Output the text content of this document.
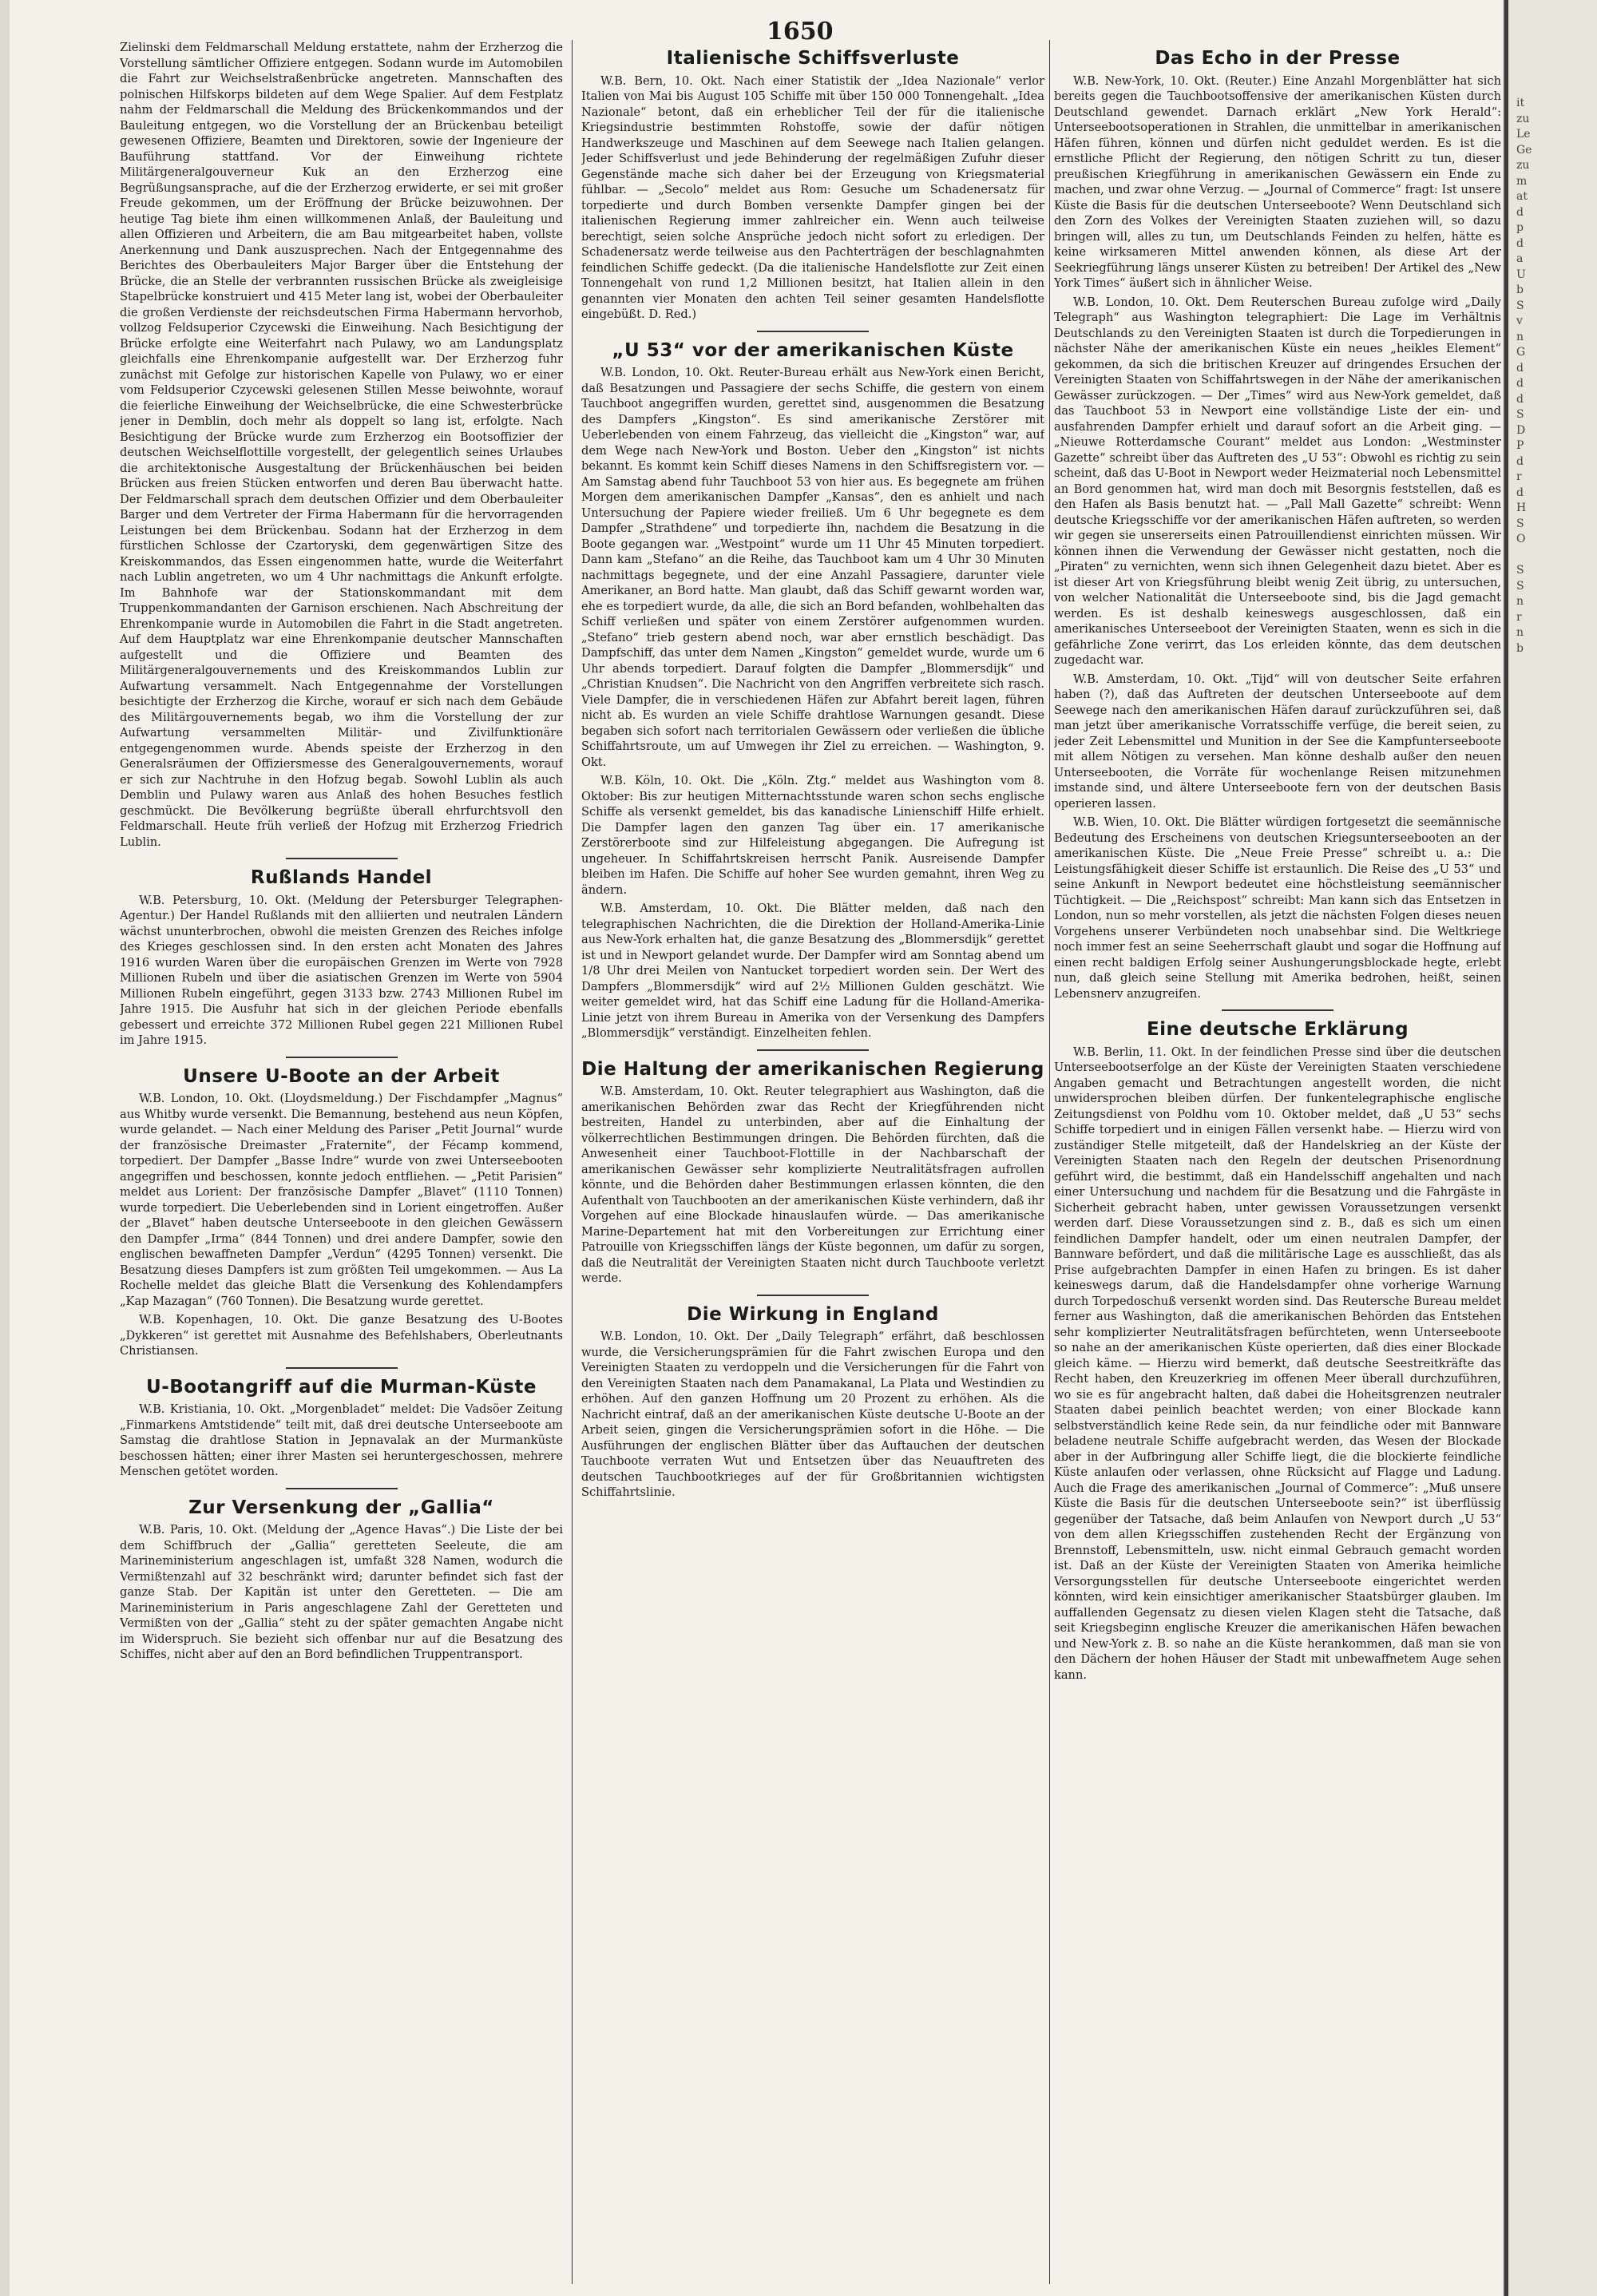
1650

Zielinski dem Feldmarschall Meldung erstattete, nahm der Erzherzog die Vorstellung sämtlicher Offiziere entgegen. Sodann wurde im Automobilen die Fahrt zur Weichselstraßenbrücke angetreten. Mannschaften des polnischen Hilfskorps bildeten auf dem Wege Spalier. Auf dem Festplatz nahm der Feldmarschall die Meldung des Brückenkommandos und der Bauleitung entgegen, wo die Vorstellung der an Brückenbau beteiligt gewesenen Offiziere, Beamten und Direktoren, sowie der Ingenieure der Bauführung stattfand. Vor der Einweihung richtete Militärgeneralgouverneur Kuk an den Erzherzog eine Begrüßungsansprache, auf die der Erzherzog erwiderte, er sei mit großer Freude gekommen, um der Eröffnung der Brücke beizuwohnen. Der heutige Tag biete ihm einen willkommenen Anlaß, der Bauleitung und allen Offizieren und Arbeitern, die am Bau mitgearbeitet haben, vollste Anerkennung und Dank auszusprechen. Nach der Entgegennahme des Berichtes des Oberbauleiters Major Barger über die Entstehung der Brücke, die an Stelle der verbrannten russischen Brücke als zweigleisige Stapelbrücke konstruiert und 415 Meter lang ist, wobei der Oberbauleiter die großen Verdienste der reichsdeutschen Firma Habermann hervorhob, vollzog Feldsuperior Czycewski die Einweihung. Nach Besichtigung der Brücke erfolgte eine Weiterfahrt nach Pulawy, wo am Landungsplatz gleichfalls eine Ehrenkompanie aufgestellt war. Der Erzherzog fuhr zunächst mit Gefolge zur historischen Kapelle von Pulawy, wo er einer vom Feldsuperior Czycewski gelesenen Stillen Messe beiwohnte, worauf die feierliche Einweihung der Weichselbrücke, die eine Schwesterbrücke jener in Demblin, doch mehr als doppelt so lang ist, erfolgte. Nach Besichtigung der Brücke wurde zum Erzherzog ein Bootsoffizier der deutschen Weichselflottille vorgestellt, der gelegentlich seines Urlaubes die architektonische Ausgestaltung der Brückenhäuschen bei beiden Brücken aus freien Stücken entworfen und deren Bau überwacht hatte. Der Feldmarschall sprach dem deutschen Offizier und dem Oberbauleiter Barger und dem Vertreter der Firma Habermann für die hervorragenden Leistungen bei dem Brückenbau. Sodann hat der Erzherzog in dem fürstlichen Schlosse der Czartoryski, dem gegenwärtigen Sitze des Kreiskommandos, das Essen eingenommen hatte, wurde die Weiterfahrt nach Lublin angetreten, wo um 4 Uhr nachmittags die Ankunft erfolgte. Im Bahnhofe war der Stationskommandant mit dem Truppenkommandanten der Garnison erschienen. Nach Abschreitung der Ehrenkompanie wurde in Automobilen die Fahrt in die Stadt angetreten. Auf dem Hauptplatz war eine Ehrenkompanie deutscher Mannschaften aufgestellt und die Offiziere und Beamten des Militärgeneralgouvernements und des Kreiskommandos Lublin zur Aufwartung versammelt. Nach Entgegennahme der Vorstellungen besichtigte der Erzherzog die Kirche, worauf er sich nach dem Gebäude des Militärgouvernements begab, wo ihm die Vorstellung der zur Aufwartung versammelten Militär- und Zivilfunktionäre entgegengenommen wurde. Abends speiste der Erzherzog in den Generalsräumen der Offiziersmesse des Generalgouvernements, worauf er sich zur Nachtruhe in den Hofzug begab. Sowohl Lublin als auch Demblin und Pulawy waren aus Anlaß des hohen Besuches festlich geschmückt. Die Bevölkerung begrüßte überall ehrfurchtsvoll den Feldmarschall. Heute früh verließ der Hofzug mit Erzherzog Friedrich Lublin.

Rußlands Handel

W.B. Petersburg, 10. Okt. (Meldung der Petersburger Telegraphen-Agentur.) Der Handel Rußlands mit den alliierten und neutralen Ländern wächst ununterbrochen, obwohl die meisten Grenzen des Reiches infolge des Krieges geschlossen sind. In den ersten acht Monaten des Jahres 1916 wurden Waren über die europäischen Grenzen im Werte von 7928 Millionen Rubeln und über die asiatischen Grenzen im Werte von 5904 Millionen Rubeln eingeführt, gegen 3133 bzw. 2743 Millionen Rubel im Jahre 1915. Die Ausfuhr hat sich in der gleichen Periode ebenfalls gebessert und erreichte 372 Millionen Rubel gegen 221 Millionen Rubel im Jahre 1915.

Unsere U-Boote an der Arbeit

W.B. London, 10. Okt. (Lloydsmeldung.) Der Fischdampfer „Magnus“ aus Whitby wurde versenkt. Die Bemannung, bestehend aus neun Köpfen, wurde gelandet. — Nach einer Meldung des Pariser „Petit Journal“ wurde der französische Dreimaster „Fraternite“, der Fécamp kommend, torpediert. Der Dampfer „Basse Indre“ wurde von zwei Unterseebooten angegriffen und beschossen, konnte jedoch entfliehen. — „Petit Parisien“ meldet aus Lorient: Der französische Dampfer „Blavet“ (1110 Tonnen) wurde torpediert. Die Ueberlebenden sind in Lorient eingetroffen. Außer der „Blavet“ haben deutsche Unterseeboote in den gleichen Gewässern den Dampfer „Irma“ (844 Tonnen) und drei andere Dampfer, sowie den englischen bewaffneten Dampfer „Verdun“ (4295 Tonnen) versenkt. Die Besatzung dieses Dampfers ist zum größten Teil umgekommen. — Aus La Rochelle meldet das gleiche Blatt die Versenkung des Kohlendampfers „Kap Mazagan“ (760 Tonnen). Die Besatzung wurde gerettet.

W.B. Kopenhagen, 10. Okt. Die ganze Besatzung des U-Bootes „Dykkeren“ ist gerettet mit Ausnahme des Befehlshabers, Oberleutnants Christiansen.

U-Bootangriff auf die Murman-Küste

W.B. Kristiania, 10. Okt. „Morgenbladet“ meldet: Die Vadsöer Zeitung „Finmarkens Amtstidende“ teilt mit, daß drei deutsche Unterseeboote am Samstag die drahtlose Station in Jepnavalak an der Murmanküste beschossen hätten; einer ihrer Masten sei heruntergeschossen, mehrere Menschen getötet worden.

Zur Versenkung der „Gallia“

W.B. Paris, 10. Okt. (Meldung der „Agence Havas“.) Die Liste der bei dem Schiffbruch der „Gallia“ geretteten Seeleute, die am Marineministerium angeschlagen ist, umfaßt 328 Namen, wodurch die Vermißtenzahl auf 32 beschränkt wird; darunter befindet sich fast der ganze Stab. Der Kapitän ist unter den Geretteten. — Die am Marineministerium in Paris angeschlagene Zahl der Geretteten und Vermißten von der „Gallia“ steht zu der später gemachten Angabe nicht im Widerspruch. Sie bezieht sich offenbar nur auf die Besatzung des Schiffes, nicht aber auf den an Bord befindlichen Truppentransport.

Italienische Schiffsverluste

W.B. Bern, 10. Okt. Nach einer Statistik der „Idea Nazionale“ verlor Italien von Mai bis August 105 Schiffe mit über 150 000 Tonnengehalt. „Idea Nazionale“ betont, daß ein erheblicher Teil der für die italienische Kriegsindustrie bestimmten Rohstoffe, sowie der dafür nötigen Handwerkszeuge und Maschinen auf dem Seewege nach Italien gelangen. Jeder Schiffsverlust und jede Behinderung der regelmäßigen Zufuhr dieser Gegenstände mache sich daher bei der Erzeugung von Kriegsmaterial fühlbar. — „Secolo“ meldet aus Rom: Gesuche um Schadenersatz für torpedierte und durch Bomben versenkte Dampfer gingen bei der italienischen Regierung immer zahlreicher ein. Wenn auch teilweise berechtigt, seien solche Ansprüche jedoch nicht sofort zu erledigen. Der Schadenersatz werde teilweise aus den Pachterträgen der beschlagnahmten feindlichen Schiffe gedeckt. (Da die italienische Handelsflotte zur Zeit einen Tonnengehalt von rund 1,2 Millionen besitzt, hat Italien allein in den genannten vier Monaten den achten Teil seiner gesamten Handelsflotte eingebüßt. D. Red.)

„U 53“ vor der amerikanischen Küste

W.B. London, 10. Okt. Reuter-Bureau erhält aus New-York einen Bericht, daß Besatzungen und Passagiere der sechs Schiffe, die gestern von einem Tauchboot angegriffen wurden, gerettet sind, ausgenommen die Besatzung des Dampfers „Kingston“. Es sind amerikanische Zerstörer mit Ueberlebenden von einem Fahrzeug, das vielleicht die „Kingston“ war, auf dem Wege nach New-York und Boston. Ueber den „Kingston“ ist nichts bekannt. Es kommt kein Schiff dieses Namens in den Schiffsregistern vor. — Am Samstag abend fuhr Tauchboot 53 von hier aus. Es begegnete am frühen Morgen dem amerikanischen Dampfer „Kansas“, den es anhielt und nach Untersuchung der Papiere wieder freiließ. Um 6 Uhr begegnete es dem Dampfer „Strathdene“ und torpedierte ihn, nachdem die Besatzung in die Boote gegangen war. „Westpoint“ wurde um 11 Uhr 45 Minuten torpediert. Dann kam „Stefano“ an die Reihe, das Tauchboot kam um 4 Uhr 30 Minuten nachmittags begegnete, und der eine Anzahl Passagiere, darunter viele Amerikaner, an Bord hatte. Man glaubt, daß das Schiff gewarnt worden war, ehe es torpediert wurde, da alle, die sich an Bord befanden, wohlbehalten das Schiff verließen und später von einem Zerstörer aufgenommen wurden. „Stefano“ trieb gestern abend noch, war aber ernstlich beschädigt. Das Dampfschiff, das unter dem Namen „Kingston“ gemeldet wurde, wurde um 6 Uhr abends torpediert. Darauf folgten die Dampfer „Blommersdijk“ und „Christian Knudsen“. Die Nachricht von den Angriffen verbreitete sich rasch. Viele Dampfer, die in verschiedenen Häfen zur Abfahrt bereit lagen, führen nicht ab. Es wurden an viele Schiffe drahtlose Warnungen gesandt. Diese begaben sich sofort nach territorialen Gewässern oder verließen die übliche Schiffahrtsroute, um auf Umwegen ihr Ziel zu erreichen. — Washington, 9. Okt.

W.B. Köln, 10. Okt. Die „Köln. Ztg.“ meldet aus Washington vom 8. Oktober: Bis zur heutigen Mitternachtsstunde waren schon sechs englische Schiffe als versenkt gemeldet, bis das kanadische Linienschiff Hilfe erhielt. Die Dampfer lagen den ganzen Tag über ein. 17 amerikanische Zerstörerboote sind zur Hilfeleistung abgegangen. Die Aufregung ist ungeheuer. In Schiffahrtskreisen herrscht Panik. Ausreisende Dampfer bleiben im Hafen. Die Schiffe auf hoher See wurden gemahnt, ihren Weg zu ändern.

W.B. Amsterdam, 10. Okt. Die Blätter melden, daß nach den telegraphischen Nachrichten, die die Direktion der Holland-Amerika-Linie aus New-York erhalten hat, die ganze Besatzung des „Blommersdijk“ gerettet ist und in Newport gelandet wurde. Der Dampfer wird am Sonntag abend um 1/8 Uhr drei Meilen von Nantucket torpediert worden sein. Der Wert des Dampfers „Blommersdijk“ wird auf 2½ Millionen Gulden geschätzt. Wie weiter gemeldet wird, hat das Schiff eine Ladung für die Holland-Amerika-Linie jetzt von ihrem Bureau in Amerika von der Versenkung des Dampfers „Blommersdijk“ verständigt. Einzelheiten fehlen.

Die Haltung der amerikanischen Regierung

W.B. Amsterdam, 10. Okt. Reuter telegraphiert aus Washington, daß die amerikanischen Behörden zwar das Recht der Kriegführenden nicht bestreiten, Handel zu unterbinden, aber auf die Einhaltung der völkerrechtlichen Bestimmungen dringen. Die Behörden fürchten, daß die Anwesenheit einer Tauchboot-Flottille in der Nachbarschaft der amerikanischen Gewässer sehr komplizierte Neutralitätsfragen aufrollen könnte, und die Behörden daher Bestimmungen erlassen könnten, die den Aufenthalt von Tauchbooten an der amerikanischen Küste verhindern, daß ihr Vorgehen auf eine Blockade hinauslaufen würde. — Das amerikanische Marine-Departement hat mit den Vorbereitungen zur Errichtung einer Patrouille von Kriegsschiffen längs der Küste begonnen, um dafür zu sorgen, daß die Neutralität der Vereinigten Staaten nicht durch Tauchboote verletzt werde.

Die Wirkung in England

W.B. London, 10. Okt. Der „Daily Telegraph“ erfährt, daß beschlossen wurde, die Versicherungsprämien für die Fahrt zwischen Europa und den Vereinigten Staaten zu verdoppeln und die Versicherungen für die Fahrt von den Vereinigten Staaten nach dem Panamakanal, La Plata und Westindien zu erhöhen. Auf den ganzen Hoffnung um 20 Prozent zu erhöhen. Als die Nachricht eintraf, daß an der amerikanischen Küste deutsche U-Boote an der Arbeit seien, gingen die Versicherungsprämien sofort in die Höhe. — Die Ausführungen der englischen Blätter über das Auftauchen der deutschen Tauchboote verraten Wut und Entsetzen über das Neuauftreten des deutschen Tauchbootkrieges auf der für Großbritannien wichtigsten Schiffahrtslinie.

Das Echo in der Presse

W.B. New-York, 10. Okt. (Reuter.) Eine Anzahl Morgenblätter hat sich bereits gegen die Tauchbootsoffensive der amerikanischen Küsten durch Deutschland gewendet. Darnach erklärt „New York Herald“: Unterseebootsoperationen in Strahlen, die unmittelbar in amerikanischen Häfen führen, können und dürfen nicht geduldet werden. Es ist die ernstliche Pflicht der Regierung, den nötigen Schritt zu tun, dieser preußischen Kriegführung in amerikanischen Gewässern ein Ende zu machen, und zwar ohne Verzug. — „Journal of Commerce“ fragt: Ist unsere Küste die Basis für die deutschen Unterseeboote? Wenn Deutschland sich den Zorn des Volkes der Vereinigten Staaten zuziehen will, so dazu bringen will, alles zu tun, um Deutschlands Feinden zu helfen, hätte es keine wirksameren Mittel anwenden können, als diese Art der Seekriegführung längs unserer Küsten zu betreiben! Der Artikel des „New York Times“ äußert sich in ähnlicher Weise.

W.B. London, 10. Okt. Dem Reuterschen Bureau zufolge wird „Daily Telegraph“ aus Washington telegraphiert: Die Lage im Verhältnis Deutschlands zu den Vereinigten Staaten ist durch die Torpedierungen in nächster Nähe der amerikanischen Küste ein neues „heikles Element“ gekommen, da sich die britischen Kreuzer auf dringendes Ersuchen der Vereinigten Staaten von Schiffahrtswegen in der Nähe der amerikanischen Gewässer zurückzogen. — Der „Times“ wird aus New-York gemeldet, daß das Tauchboot 53 in Newport eine vollständige Liste der ein- und ausfahrenden Dampfer erhielt und darauf sofort an die Arbeit ging. — „Nieuwe Rotterdamsche Courant“ meldet aus London: „Westminster Gazette“ schreibt über das Auftreten des „U 53“: Obwohl es richtig zu sein scheint, daß das U-Boot in Newport weder Heizmaterial noch Lebensmittel an Bord genommen hat, wird man doch mit Besorgnis feststellen, daß es den Hafen als Basis benutzt hat. — „Pall Mall Gazette“ schreibt: Wenn deutsche Kriegsschiffe vor der amerikanischen Häfen auftreten, so werden wir gegen sie unsererseits einen Patrouillendienst einrichten müssen. Wir können ihnen die Verwendung der Gewässer nicht gestatten, noch die „Piraten“ zu vernichten, wenn sich ihnen Gelegenheit dazu bietet. Aber es ist dieser Art von Kriegsführung bleibt wenig Zeit übrig, zu untersuchen, von welcher Nationalität die Unterseeboote sind, bis die Jagd gemacht werden. Es ist deshalb keineswegs ausgeschlossen, daß ein amerikanisches Unterseeboot der Vereinigten Staaten, wenn es sich in die gefährliche Zone verirrt, das Los erleiden könnte, das dem deutschen zugedacht war.

W.B. Amsterdam, 10. Okt. „Tijd“ will von deutscher Seite erfahren haben (?), daß das Auftreten der deutschen Unterseeboote auf dem Seewege nach den amerikanischen Häfen darauf zurückzuführen sei, daß man jetzt über amerikanische Vorratsschiffe verfüge, die bereit seien, zu jeder Zeit Lebensmittel und Munition in der See die Kampfunterseeboote mit allem Nötigen zu versehen. Man könne deshalb außer den neuen Unterseebooten, die Vorräte für wochenlange Reisen mitzunehmen imstande sind, und ältere Unterseeboote fern von der deutschen Basis operieren lassen.

W.B. Wien, 10. Okt. Die Blätter würdigen fortgesetzt die seemännische Bedeutung des Erscheinens von deutschen Kriegsunterseebooten an der amerikanischen Küste. Die „Neue Freie Presse“ schreibt u. a.: Die Leistungsfähigkeit dieser Schiffe ist erstaunlich. Die Reise des „U 53“ und seine Ankunft in Newport bedeutet eine höchstleistung seemännischer Tüchtigkeit. — Die „Reichspost“ schreibt: Man kann sich das Entsetzen in London, nun so mehr vorstellen, als jetzt die nächsten Folgen dieses neuen Vorgehens unserer Verbündeten noch unabsehbar sind. Die Weltkriege noch immer fest an seine Seeherrschaft glaubt und sogar die Hoffnung auf einen recht baldigen Erfolg seiner Aushungerungsblockade hegte, erlebt nun, daß gleich seine Stellung mit Amerika bedrohen, heißt, seinen Lebensnerv anzugreifen.

Eine deutsche Erklärung

W.B. Berlin, 11. Okt. In der feindlichen Presse sind über die deutschen Unterseebootserfolge an der Küste der Vereinigten Staaten verschiedene Angaben gemacht und Betrachtungen angestellt worden, die nicht unwidersprochen bleiben dürfen. Der funkentelegraphische englische Zeitungsdienst von Poldhu vom 10. Oktober meldet, daß „U 53“ sechs Schiffe torpediert und in einigen Fällen versenkt habe. — Hierzu wird von zuständiger Stelle mitgeteilt, daß der Handelskrieg an der Küste der Vereinigten Staaten nach den Regeln der deutschen Prisenordnung geführt wird, die bestimmt, daß ein Handelsschiff angehalten und nach einer Untersuchung und nachdem für die Besatzung und die Fahrgäste in Sicherheit gebracht haben, unter gewissen Voraussetzungen versenkt werden darf. Diese Voraussetzungen sind z. B., daß es sich um einen feindlichen Dampfer handelt, oder um einen neutralen Dampfer, der Bannware befördert, und daß die militärische Lage es ausschließt, das als Prise aufgebrachten Dampfer in einen Hafen zu bringen. Es ist daher keineswegs darum, daß die Handelsdampfer ohne vorherige Warnung durch Torpedoschuß versenkt worden sind. Das Reutersche Bureau meldet ferner aus Washington, daß die amerikanischen Behörden das Entstehen sehr komplizierter Neutralitätsfragen befürchteten, wenn Unterseeboote so nahe an der amerikanischen Küste operierten, daß dies einer Blockade gleich käme. — Hierzu wird bemerkt, daß deutsche Seestreitkräfte das Recht haben, den Kreuzerkrieg im offenen Meer überall durchzuführen, wo sie es für angebracht halten, daß dabei die Hoheitsgrenzen neutraler Staaten dabei peinlich beachtet werden; von einer Blockade kann selbstverständlich keine Rede sein, da nur feindliche oder mit Bannware beladene neutrale Schiffe aufgebracht werden, das Wesen der Blockade aber in der Aufbringung aller Schiffe liegt, die die blockierte feindliche Küste anlaufen oder verlassen, ohne Rücksicht auf Flagge und Ladung. Auch die Frage des amerikanischen „Journal of Commerce“: „Muß unsere Küste die Basis für die deutschen Unterseeboote sein?“ ist überflüssig gegenüber der Tatsache, daß beim Anlaufen von Newport durch „U 53“ von dem allen Kriegsschiffen zustehenden Recht der Ergänzung von Brennstoff, Lebensmitteln, usw. nicht einmal Gebrauch gemacht worden ist. Daß an der Küste der Vereinigten Staaten von Amerika heimliche Versorgungsstellen für deutsche Unterseeboote eingerichtet werden könnten, wird kein einsichtiger amerikanischer Staatsbürger glauben. Im auffallenden Gegensatz zu diesen vielen Klagen steht die Tatsache, daß seit Kriegsbeginn englische Kreuzer die amerikanischen Häfen bewachen und New-York z. B. so nahe an die Küste herankommen, daß man sie von den Dächern der hohen Häuser der Stadt mit unbewaffnetem Auge sehen kann.

it
zu
Le
Ge
zu
m
at
d
p
d
a
U
b
S
v
n
G
d
d
d
S
D
P
d
r
d
H
S
O

S
S
n
r
n
b
